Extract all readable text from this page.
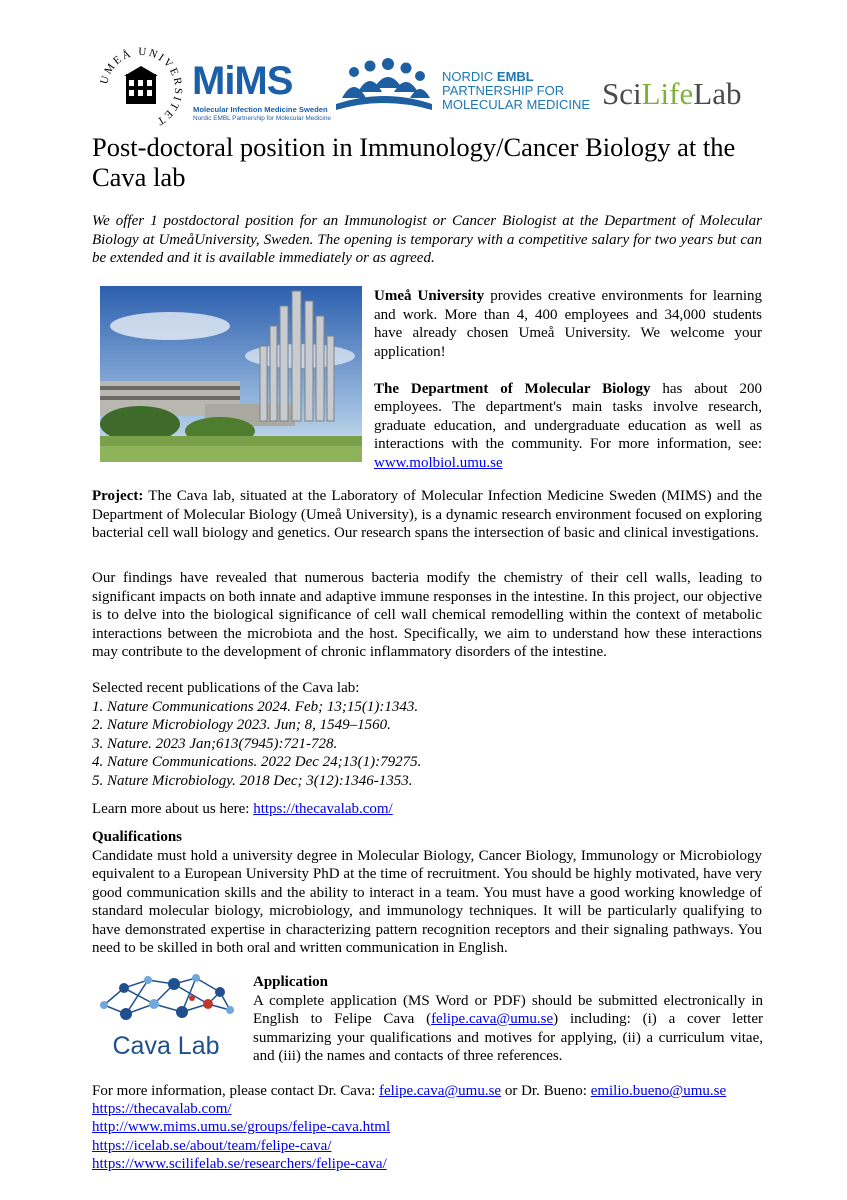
UMEÅ UNIVERSITET
MiMS
Molecular Infection Medicine Sweden
Nordic EMBL Partnership for Molecular Medicine
NORDIC EMBL
PARTNERSHIP FOR
MOLECULAR MEDICINE SciLifeLab
Post-doctoral position in Immunology/Cancer Biology at the Cava lab

We offer 1 postdoctoral position for an Immunologist or Cancer Biologist at the Department of Molecular Biology at UmeåUniversity, Sweden. The opening is temporary with a competitive salary for two years but can be extended and it is available immediately or as agreed.

Umeå University provides creative environments for learning and work. More than 4, 400 employees and 34,000 students have already chosen Umeå University. We welcome your application!

The Department of Molecular Biology has about 200 employees. The department's main tasks involve research, graduate education, and undergraduate education as well as interactions with the community. For more information, see: www.molbiol.umu.se

Project: The Cava lab, situated at the Laboratory of Molecular Infection Medicine Sweden (MIMS) and the Department of Molecular Biology (Umeå University), is a dynamic research environment focused on exploring bacterial cell wall biology and genetics. Our research spans the intersection of basic and clinical investigations.

Our findings have revealed that numerous bacteria modify the chemistry of their cell walls, leading to significant impacts on both innate and adaptive immune responses in the intestine. In this project, our objective is to delve into the biological significance of cell wall chemical remodelling within the context of metabolic interactions between the microbiota and the host. Specifically, we aim to understand how these interactions may contribute to the development of chronic inflammatory disorders of the intestine.

Selected recent publications of the Cava lab:
1. Nature Communications 2024. Feb; 13;15(1):1343.
2. Nature Microbiology 2023. Jun; 8, 1549–1560.
3. Nature. 2023 Jan;613(7945):721-728.
4. Nature Communications. 2022 Dec 24;13(1):79275.
5. Nature Microbiology. 2018 Dec; 3(12):1346-1353.
Learn more about us here: https://thecavalab.com/
Qualifications

Candidate must hold a university degree in Molecular Biology, Cancer Biology, Immunology or Microbiology equivalent to a European University PhD at the time of recruitment. You should be highly motivated, have very good communication skills and the ability to interact in a team. You must have a good working knowledge of standard molecular biology, microbiology, and immunology techniques. It will be particularly qualifying to have demonstrated expertise in characterizing pattern recognition receptors and their signaling pathways. You need to be skilled in both oral and written communication in English.

Cava Lab
Application

A complete application (MS Word or PDF) should be submitted electronically in English to Felipe Cava (felipe.cava@umu.se) including: (i) a cover letter summarizing your qualifications and motives for applying, (ii) a curriculum vitae, and (iii) the names and contacts of three references.

For more information, please contact Dr. Cava: felipe.cava@umu.se or Dr. Bueno: emilio.bueno@umu.se
https://thecavalab.com/
http://www.mims.umu.se/groups/felipe-cava.html
https://icelab.se/about/team/felipe-cava/
https://www.scilifelab.se/researchers/felipe-cava/
